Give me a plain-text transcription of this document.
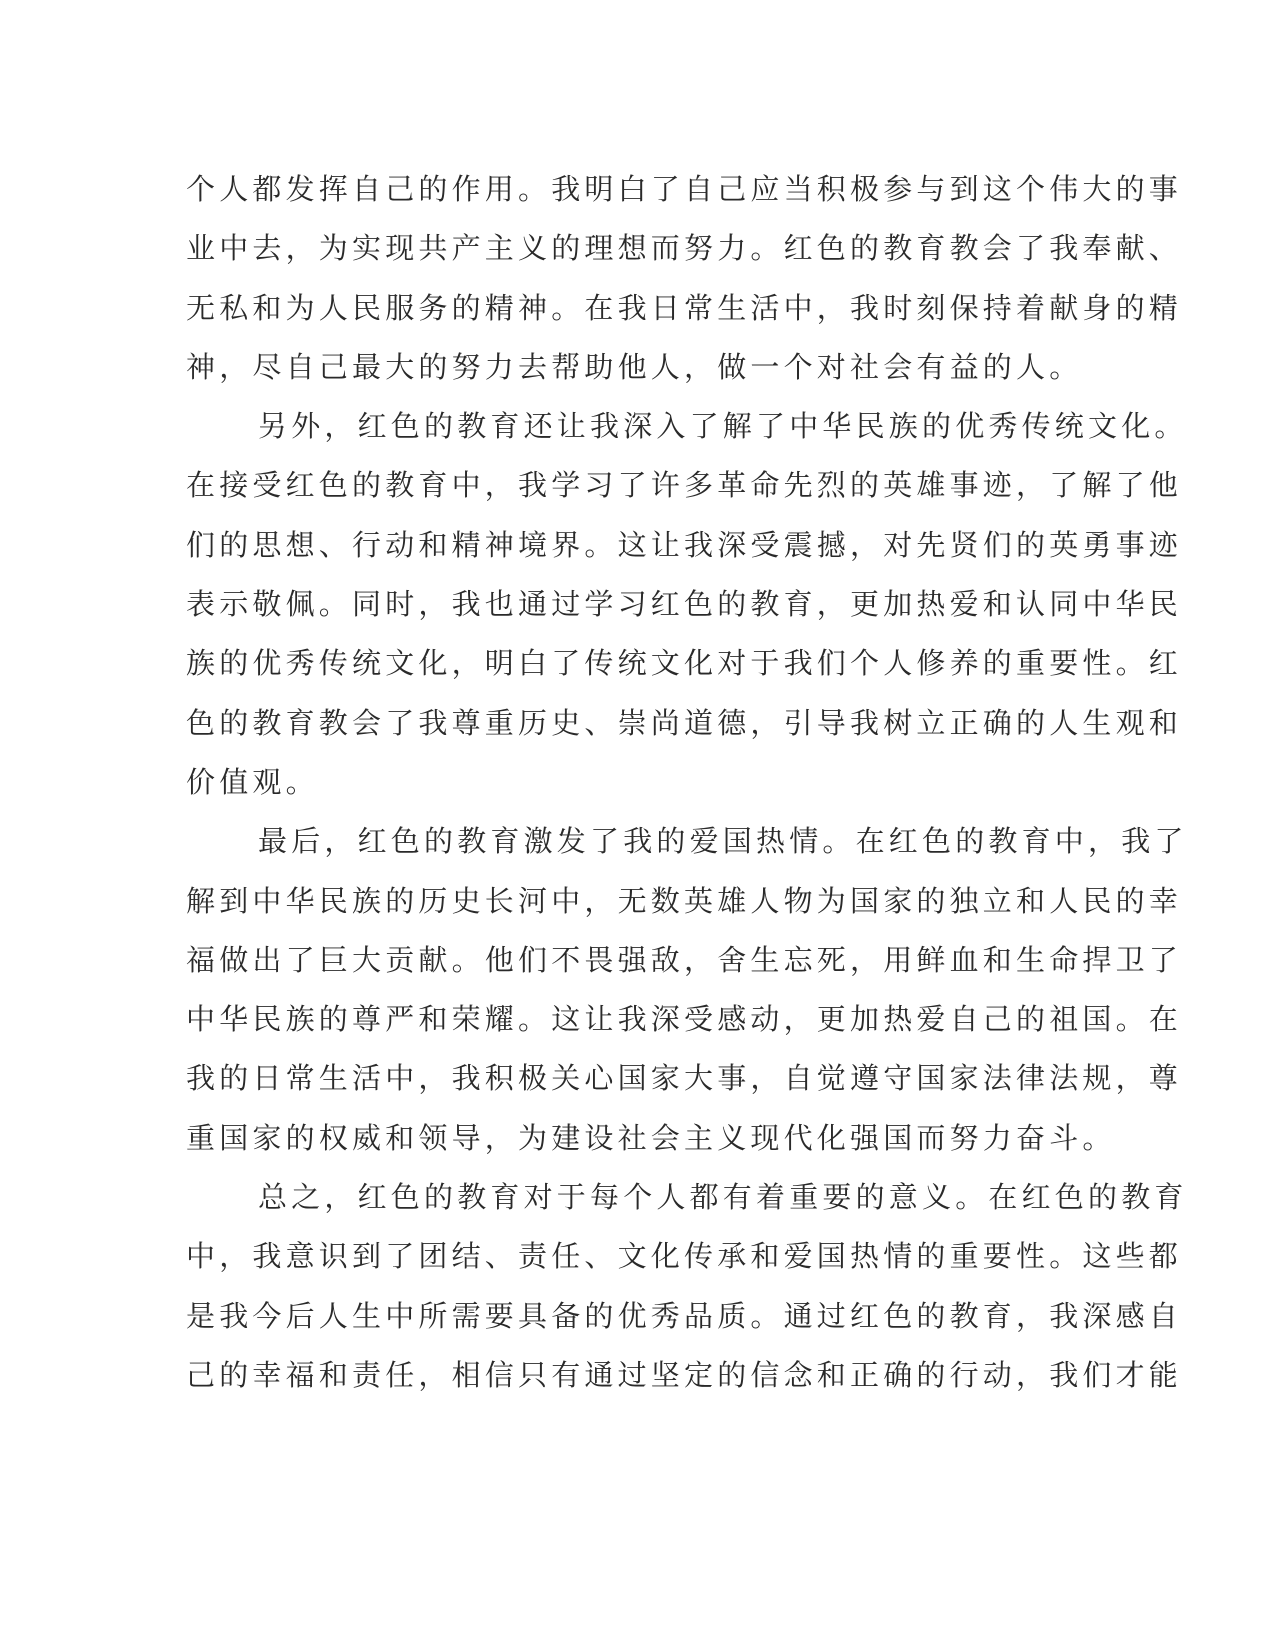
个人都发挥自己的作用。我明白了自己应当积极参与到这个伟大的事
业中去，为实现共产主义的理想而努力。红色的教育教会了我奉献、
无私和为人民服务的精神。在我日常生活中，我时刻保持着献身的精
神，尽自己最大的努力去帮助他人，做一个对社会有益的人。
另外，红色的教育还让我深入了解了中华民族的优秀传统文化。
在接受红色的教育中，我学习了许多革命先烈的英雄事迹，了解了他
们的思想、行动和精神境界。这让我深受震撼，对先贤们的英勇事迹
表示敬佩。同时，我也通过学习红色的教育，更加热爱和认同中华民
族的优秀传统文化，明白了传统文化对于我们个人修养的重要性。红
色的教育教会了我尊重历史、崇尚道德，引导我树立正确的人生观和
价值观。
最后，红色的教育激发了我的爱国热情。在红色的教育中，我了
解到中华民族的历史长河中，无数英雄人物为国家的独立和人民的幸
福做出了巨大贡献。他们不畏强敌，舍生忘死，用鲜血和生命捍卫了
中华民族的尊严和荣耀。这让我深受感动，更加热爱自己的祖国。在
我的日常生活中，我积极关心国家大事，自觉遵守国家法律法规，尊
重国家的权威和领导，为建设社会主义现代化强国而努力奋斗。
总之，红色的教育对于每个人都有着重要的意义。在红色的教育
中，我意识到了团结、责任、文化传承和爱国热情的重要性。这些都
是我今后人生中所需要具备的优秀品质。通过红色的教育，我深感自
己的幸福和责任，相信只有通过坚定的信念和正确的行动，我们才能
